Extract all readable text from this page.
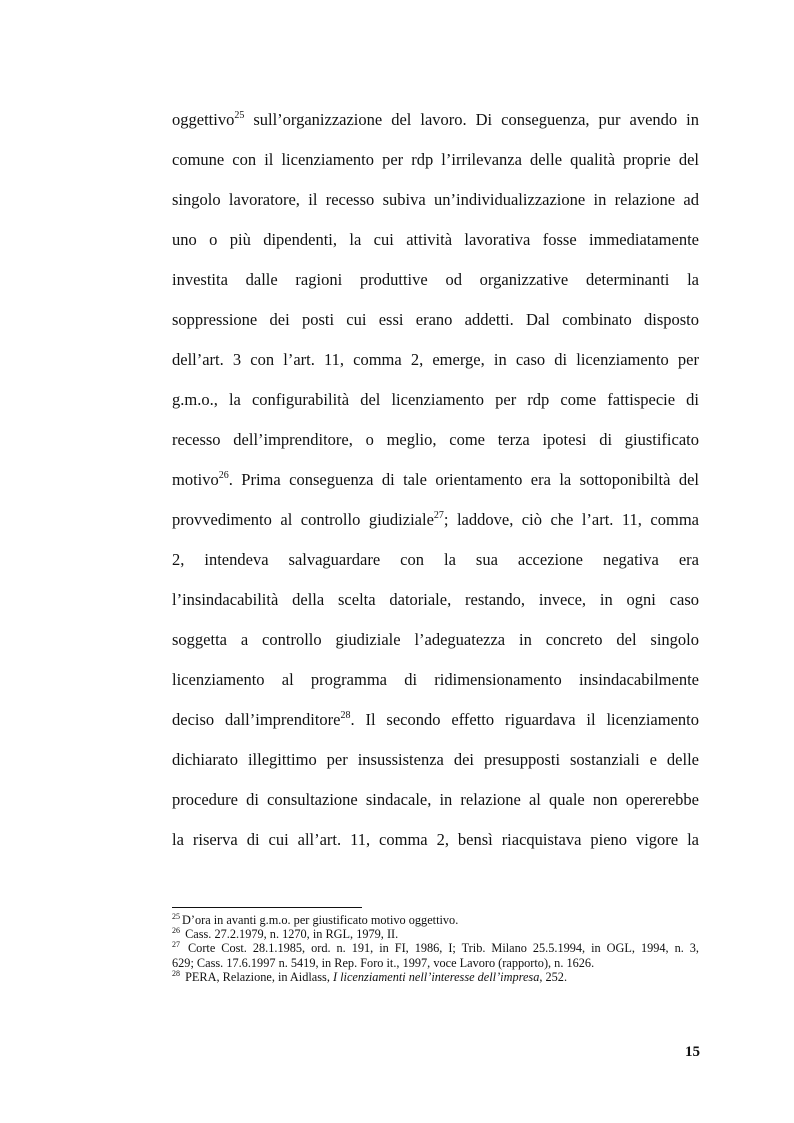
oggettivo$^{25}$ sull’organizzazione del lavoro. Di conseguenza, pur avendo in
comune con il licenziamento per rdp l’irrilevanza delle qualità proprie del
singolo lavoratore, il recesso subiva un’individualizzazione in relazione ad
uno o più dipendenti, la cui attività lavorativa fosse immediatamente
investita dalle ragioni produttive od organizzative determinanti la
soppressione dei posti cui essi erano addetti. Dal combinato disposto
dell’art. 3 con l’art. 11, comma 2, emerge, in caso di licenziamento per
g.m.o., la configurabilità del licenziamento per rdp come fattispecie di
recesso dell’imprenditore, o meglio, come terza ipotesi di giustificato
motivo$^{26}$. Prima conseguenza di tale orientamento era la sottoponibiltà del
provvedimento al controllo giudiziale$^{27}$; laddove, ciò che l’art. 11, comma
2, intendeva salvaguardare con la sua accezione negativa era
l’insindacabilità della scelta datoriale, restando, invece, in ogni caso
soggetta a controllo giudiziale l’adeguatezza in concreto del singolo
licenziamento al programma di ridimensionamento insindacabilmente
deciso dall’imprenditore$^{28}$. Il secondo effetto riguardava il licenziamento
dichiarato illegittimo per insussistenza dei presupposti sostanziali e delle
procedure di consultazione sindacale, in relazione al quale non opererebbe
la riserva di cui all’art. 11, comma 2, bensì riacquistava pieno vigore la
$^{25}$ D’ora in avanti g.m.o. per giustificato motivo oggettivo.
$^{26}$ Cass. 27.2.1979, n. 1270, in RGL, 1979, II.
$^{27}$ Corte Cost. 28.1.1985, ord. n. 191, in FI, 1986, I; Trib. Milano 25.5.1994, in OGL, 1994, n. 3,
629; Cass. 17.6.1997 n. 5419, in Rep. Foro it., 1997, voce Lavoro (rapporto), n. 1626.
$^{28}$ PERA, Relazione, in Aidlass, I licenziamenti nell’interesse dell’impresa, 252.
15
